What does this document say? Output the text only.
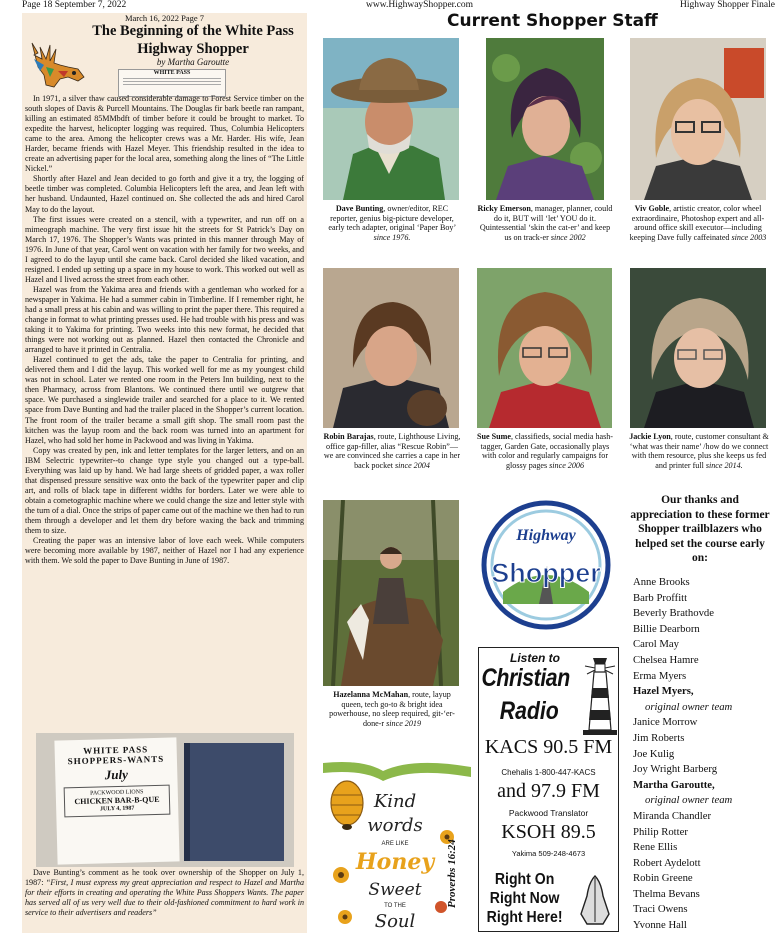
Page 18 September 7, 2022	www.HighwayShopper.com	Highway Shopper Finale
March 16, 2022 Page 7
The Beginning of the White Pass Highway Shopper
by Martha Garoutte
WHITE PASS

In 1971, a silver thaw caused considerable damage to Forest Service timber on the south slopes of Davis & Purcell Mountains. The Douglas fir bark beetle ran rampant, killing an estimated 85MMbdft of timber before it could be brought to market. To expedite the harvest, helicopter logging was required. Thus, Columbia Helicopters came to the area. Among the helicopter crews was a Mr. Harder. His wife, Jean Harder, became friends with Hazel Meyer. This friendship resulted in the idea to create an advertising paper for the local area, something along the lines of “The Little Nickel.”

Shortly after Hazel and Jean decided to go forth and give it a try, the logging of beetle timber was completed. Columbia Helicopters left the area, and Jean left with her husband. Undaunted, Hazel continued on. She collected the ads and hired Carol May to do the layout.

The first issues were created on a stencil, with a typewriter, and run off on a mimeograph machine. The very first issue hit the streets for St Patrick’s Day on March 17, 1976. The Shopper’s Wants was printed in this manner through May of 1976. In June of that year, Carol went on vacation with her family for two weeks, and I agreed to do the layup until she came back. Carol decided she liked vacation, and resigned. I ended up setting up a space in my house to work. This worked out well as Hazel and I lived across the street from each other.

Hazel was from the Yakima area and friends with a gentleman who worked for a newspaper in Yakima. He had a summer cabin in Timberline. If I remember right, he had a small press at his cabin and was willing to print the paper there. This required a change in format to what printing presses used. He had trouble with his press and was taking it to Yakima for printing. Two weeks into this new format, he decided that things were not working out as planned. Hazel then contacted the Chronicle and arranged to have it printed in Centralia.

Hazel continued to get the ads, take the paper to Centralia for printing, and delivered them and I did the layup. This worked well for me as my youngest child was not in school. Later we rented one room in the Peters Inn building, next to the then Pharmacy, across from Blantons. We continued there until we outgrew that space. We purchased a singlewide trailer and searched for a place to it. We rented space from Dave Bunting and had the trailer placed in the Shopper’s current location. The front room of the trailer became a small gift shop. The small room past the kitchen was the layup room and the back room was turned into an apartment for Hazel, who had sold her home in Packwood and was living in Yakima.

Copy was created by pen, ink and letter templates for the larger letters, and on an IBM Selectric typewriter--to change type style you changed out a type-ball. Everything was laid up by hand. We had large sheets of gridded paper, a wax roller that dispensed pressure sensitive wax onto the back of the typewriter paper and clip art, and rolls of black tape in different widths for borders. Later we were able to obtain a cometographic machine where we could change the size and letter style with the turn of a dial. Once the strips of paper came out of the machine we then had to run them through a developer and let them dry before waxing the back and trimming them to size.

Creating the paper was an intensive labor of love each week. While computers were becoming more available by 1987, neither of Hazel nor I had any experience with them. We sold the paper to Dave Bunting in June of 1987.

WHITE PASS SHOPPERS-WANTS
July
PACKWOOD LIONS
CHICKEN BAR-B-QUE
JULY 4, 1987
Dave Bunting’s comment as he took over ownership of the Shopper on July 1, 1987: “First, I must express my great appreciation and respect to Hazel and Martha for their efforts in creating and operating the White Pass Shoppers Wants. The paper has served all of us very well due to their old-fashioned commitment to hard work in service to their advertisers and readers”
Current Shopper Staff
Dave Bunting, owner/editor, REC reporter, genius big-picture developer, early tech adapter, original ‘Paper Boy’ since 1976.
Ricky Emerson, manager, planner, could do it, BUT will ‘let’ YOU do it. Quintessential ‘skin the cat-er’ and keep us on track-er since 2002
Viv Goble, artistic creator, color wheel extraordinaire, Photoshop expert and all-around office skill executor—including keeping Dave fully caffeinated since 2003
Robin Barajas, route, Lighthouse Living, office gap-filler, alias “Rescue Robin”—we are convinced she carries a cape in her back pocket since 2004
Sue Sume, classifieds, social media hash-tagger, Garden Gate, occasionally plays with color and regularly campaigns for glossy pages since 2006
Jackie Lyon, route, customer consultant & ‘what was their name’ /how do we connect with them resource, plus she keeps us fed and printer full since 2014.
Hazelanna McMahan, route, layup queen, tech go-to & bright idea powerhouse, no sleep required, git-‘er-done-r since 2019
Highway
Shopper
Our thanks and appreciation to these former Shopper trailblazers who helped set the course early on:
Anne Brooks
Barb Proffitt
Beverly Brathovde
Billie Dearborn
Carol May
Chelsea Hamre
Erma Myers
Hazel Myers,
original owner team
Janice Morrow
Jim Roberts
Joe Kulig
Joy Wright Barberg
Martha Garoutte,
original owner team
Miranda Chandler
Philip Rotter
Rene Ellis
Robert Aydelott
Robin Greene
Thelma Bevans
Traci Owens
Yvonne Hall
Listen to
Christian
Radio
KACS 90.5 FM
Chehalis 1-800-447-KACS
and 97.9 FM
Packwood Translator
KSOH 89.5
Yakima 509-248-4673
Right On Right Now Right Here!
Kind
words
ARE LIKE
Honey
Sweet
TO THE
Soul
Proverbs 16:24
